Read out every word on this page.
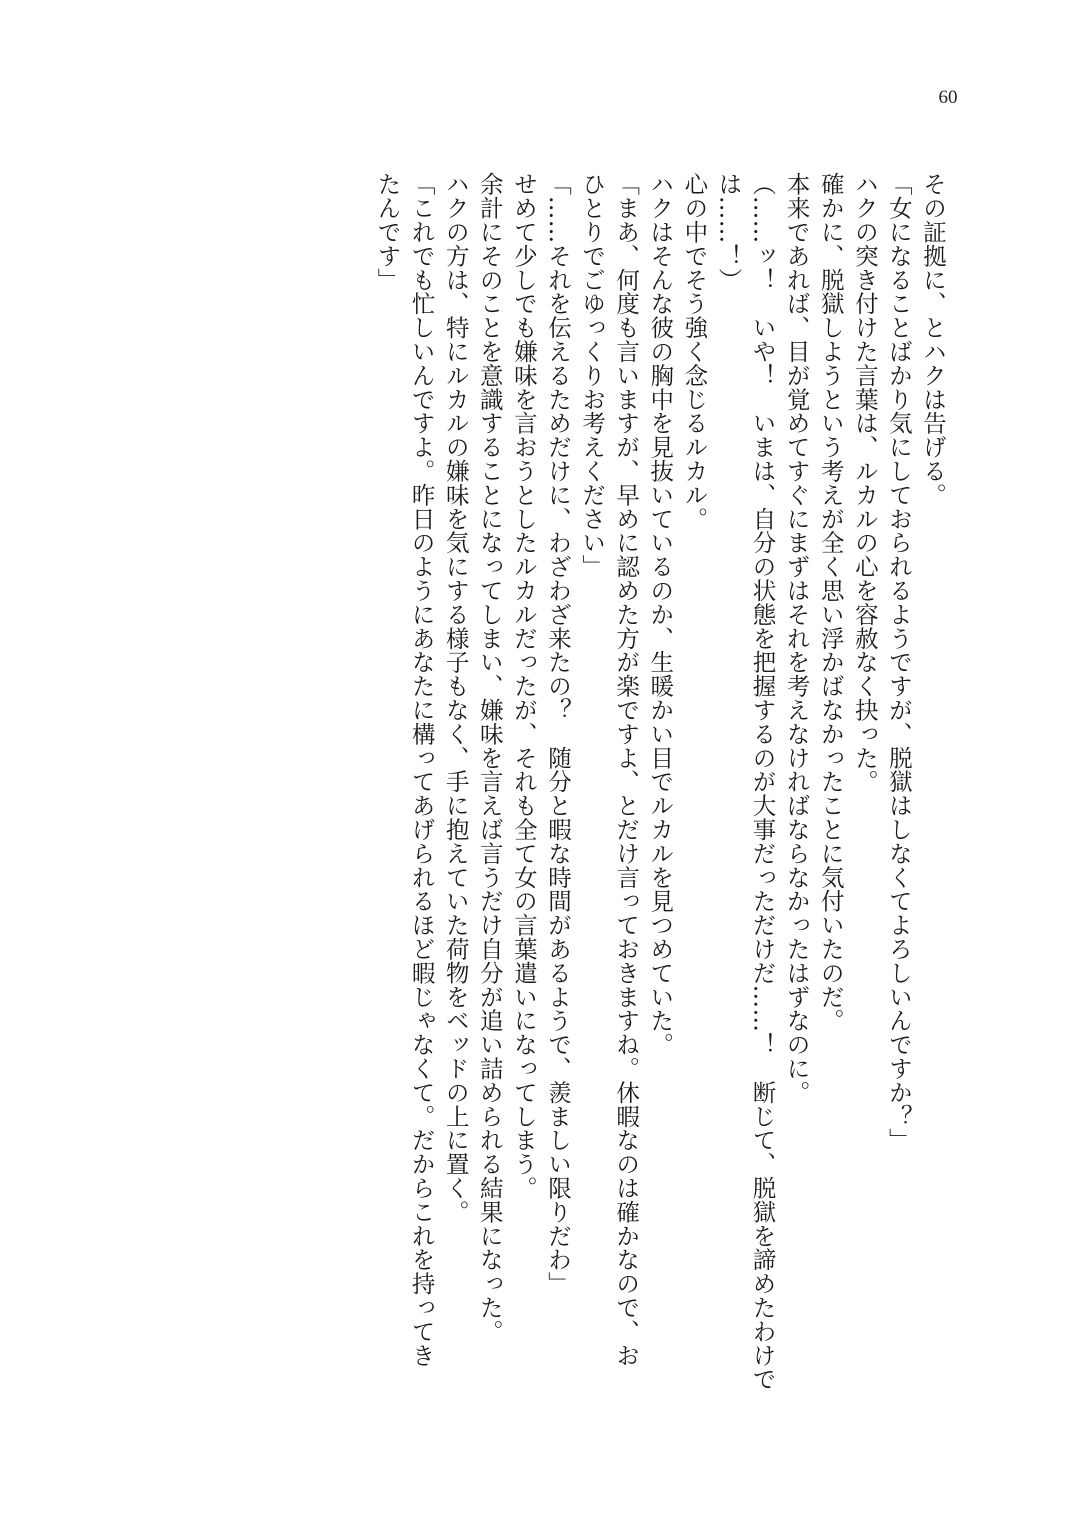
60
その証拠に、とハクは告げる。
「女になることばかり気にしておられるようですが、脱獄はしなくてよろしいんですか？」
ハクの突き付けた言葉は、ルカルの心を容赦なく抉った。
確かに、脱獄しようという考えが全く思い浮かばなかったことに気付いたのだ。
本来であれば、目が覚めてすぐにまずはそれを考えなければならなかったはずなのに。
（……ッ！　いや！　いまは、自分の状態を把握するのが大事だっただけだ……！　断じて、脱獄を諦めたわけで
は……！）
心の中でそう強く念じるルカル。
ハクはそんな彼の胸中を見抜いているのか、生暖かい目でルカルを見つめていた。
「まあ、何度も言いますが、早めに認めた方が楽ですよ、とだけ言っておきますね。休暇なのは確かなので、お
ひとりでごゆっくりお考えください」
「……それを伝えるためだけに、わざわざ来たの？　随分と暇な時間があるようで、羨ましい限りだわ」
せめて少しでも嫌味を言おうとしたルカルだったが、それも全て女の言葉遣いになってしまう。
余計にそのことを意識することになってしまい、嫌味を言えば言うだけ自分が追い詰められる結果になった。
ハクの方は、特にルカルの嫌味を気にする様子もなく、手に抱えていた荷物をベッドの上に置く。
「これでも忙しいんですよ。昨日のようにあなたに構ってあげられるほど暇じゃなくて。だからこれを持ってき
たんです」
